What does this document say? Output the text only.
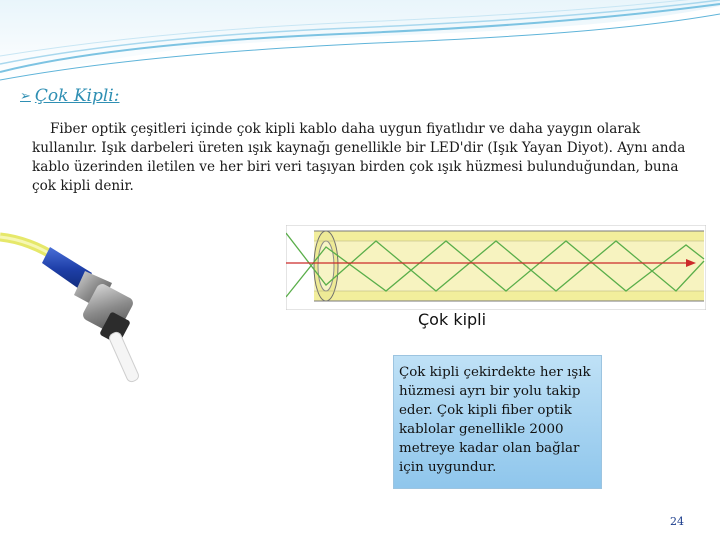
➢ Çok Kipli:
Fiber optik çeşitleri içinde çok kipli kablo daha uygun fiyatlıdır ve daha yaygın olarak kullanılır. Işık darbeleri üreten ışık kaynağı genellikle bir LED'dir (Işık Yayan Diyot). Aynı anda kablo üzerinden iletilen ve her biri veri taşıyan birden çok ışık hüzmesi bulunduğundan, buna çok kipli denir.
Çok kipli
Çok kipli çekirdekte her ışık hüzmesi ayrı bir yolu takip eder. Çok kipli fiber optik kablolar genellikle 2000 metreye kadar olan bağlar için uygundur.
24
